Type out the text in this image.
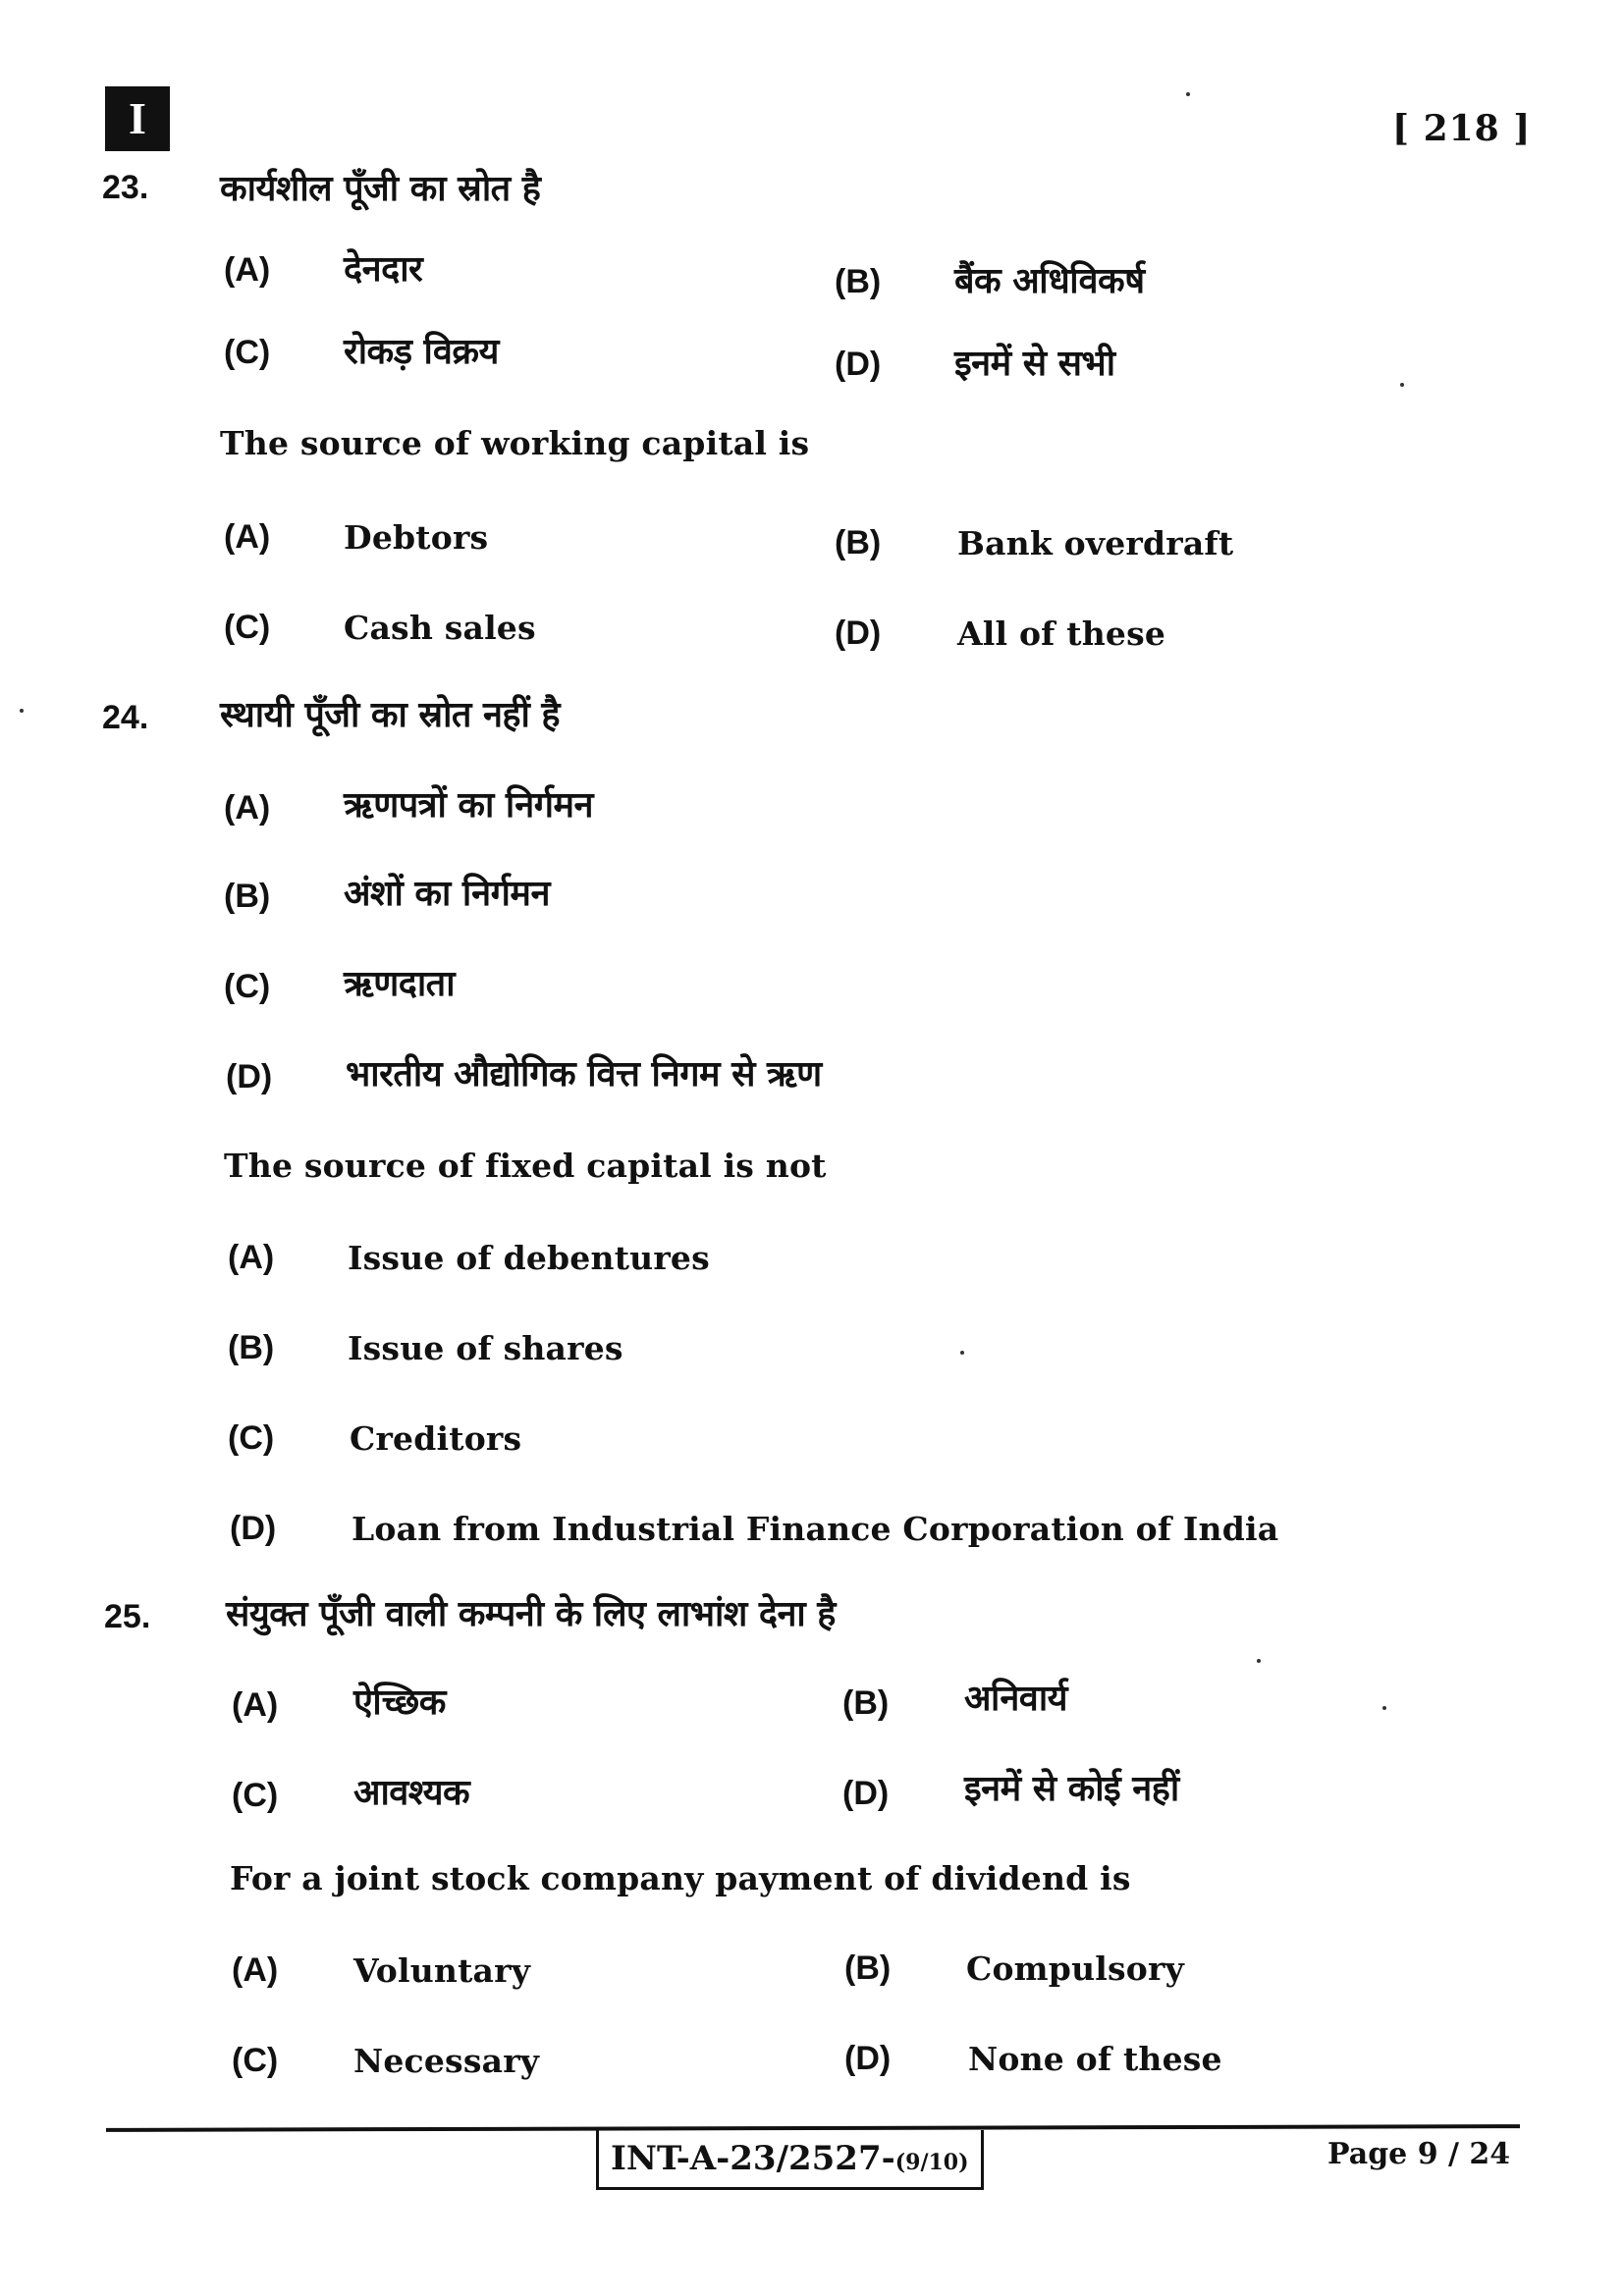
I	[ 218 ]
23. कार्यशील पूँजी का स्रोत है
(A) देनदार	(B) बैंक अधिविकर्ष
(C) रोकड़ विक्रय	(D) इनमें से सभी
The source of working capital is
(A) Debtors	(B) Bank overdraft
(C) Cash sales	(D) All of these
24. स्थायी पूँजी का स्रोत नहीं है
(A) ऋणपत्रों का निर्गमन
(B) अंशों का निर्गमन
(C) ऋणदाता
(D) भारतीय औद्योगिक वित्त निगम से ऋण
The source of fixed capital is not
(A) Issue of debentures
(B) Issue of shares
(C) Creditors
(D) Loan from Industrial Finance Corporation of India
25. संयुक्त पूँजी वाली कम्पनी के लिए लाभांश देना है
(A) ऐच्छिक	(B) अनिवार्य
(C) आवश्यक	(D) इनमें से कोई नहीं
For a joint stock company payment of dividend is
(A) Voluntary	(B) Compulsory
(C) Necessary	(D) None of these
INT-A-23/2527-(9/10)	Page 9 / 24
